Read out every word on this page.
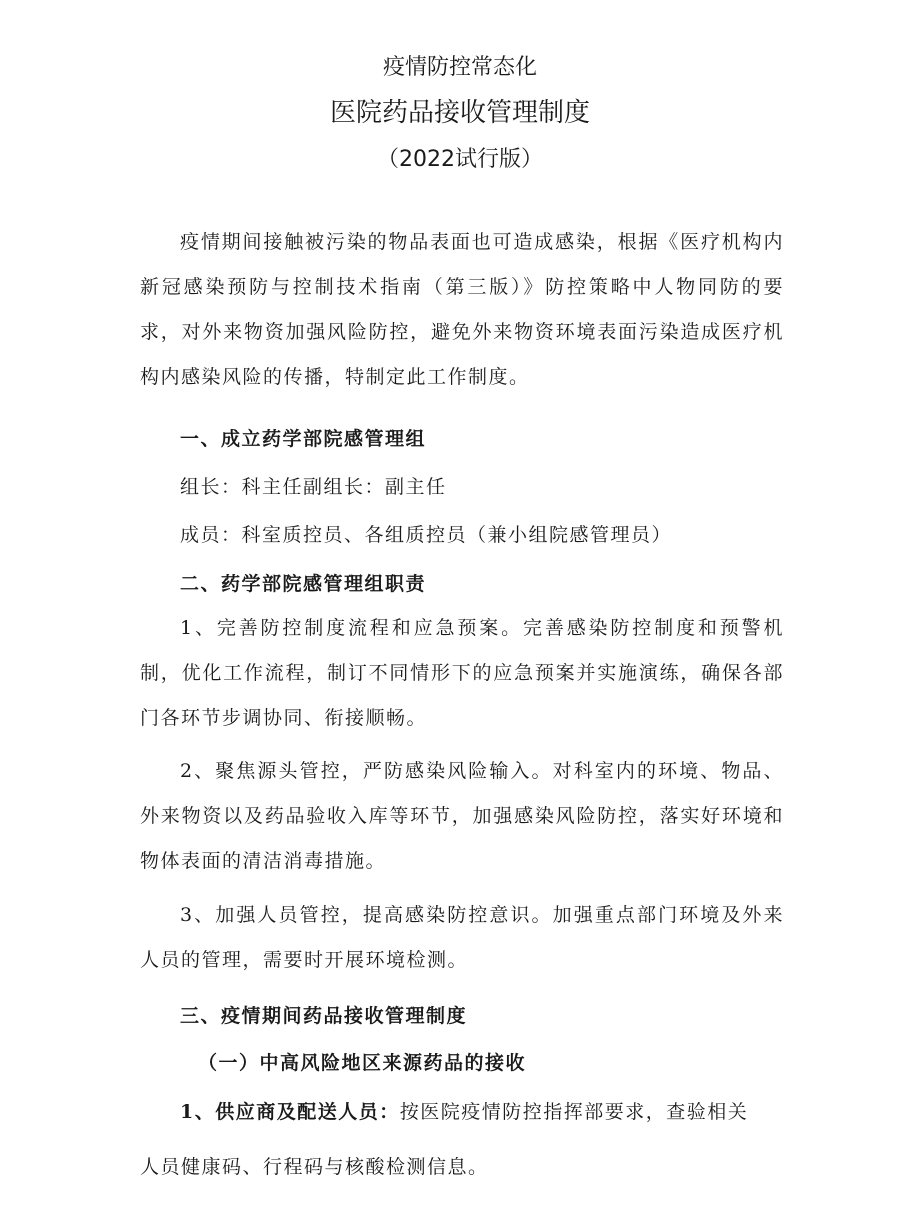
疫情防控常态化
医院药品接收管理制度
（2022试行版）

疫情期间接触被污染的物品表面也可造成感染，根据《医疗机构内新冠感染预防与控制技术指南（第三版）》防控策略中人物同防的要求，对外来物资加强风险防控，避免外来物资环境表面污染造成医疗机构内感染风险的传播，特制定此工作制度。

一、成立药学部院感管理组
组长：科主任副组长：副主任
成员：科室质控员、各组质控员（兼小组院感管理员）
二、药学部院感管理组职责

1、完善防控制度流程和应急预案。完善感染防控制度和预警机制，优化工作流程，制订不同情形下的应急预案并实施演练，确保各部门各环节步调协同、衔接顺畅。

2、聚焦源头管控，严防感染风险输入。对科室内的环境、物品、外来物资以及药品验收入库等环节，加强感染风险防控，落实好环境和物体表面的清洁消毒措施。

3、加强人员管控，提高感染防控意识。加强重点部门环境及外来人员的管理，需要时开展环境检测。

三、疫情期间药品接收管理制度
（一）中高风险地区来源药品的接收
1、供应商及配送人员：按医院疫情防控指挥部要求，查验相关
人员健康码、行程码与核酸检测信息。
